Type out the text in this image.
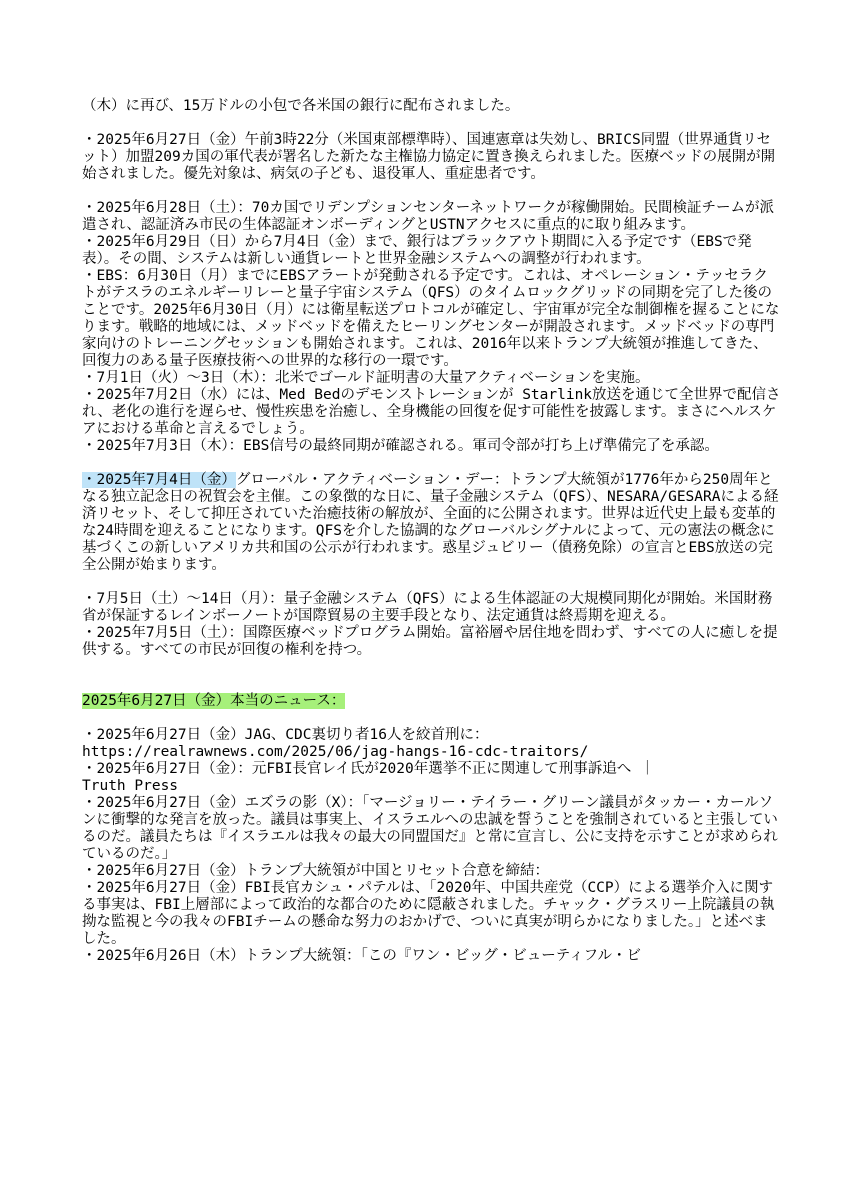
（木）に再び、15万ドルの小包で各米国の銀行に配布されました。

・2025年6月27日（金）午前3時22分（米国東部標準時）、国連憲章は失効し、BRICS同盟（世界通貨リセット）加盟209カ国の軍代表が署名した新たな主権協力協定に置き換えられました。医療ベッドの展開が開始されました。優先対象は、病気の子ども、退役軍人、重症患者です。

・2025年6月28日（土）：70カ国でリデンプションセンターネットワークが稼働開始。民間検証チームが派遣され、認証済み市民の生体認証オンボーディングとUSTNアクセスに重点的に取り組みます。

・2025年6月29日（日）から7月4日（金）まで、銀行はブラックアウト期間に入る予定です（EBSで発表）。その間、システムは新しい通貨レートと世界金融システムへの調整が行われます。

・EBS：6月30日（月）までにEBSアラートが発動される予定です。これは、オペレーション・テッセラクトがテスラのエネルギーリレーと量子宇宙システム（QFS）のタイムロックグリッドの同期を完了した後のことです。2025年6月30日（月）には衛星転送プロトコルが確定し、宇宙軍が完全な制御権を握ることになります。戦略的地域には、メッドベッドを備えたヒーリングセンターが開設されます。メッドベッドの専門家向けのトレーニングセッションも開始されます。これは、2016年以来トランプ大統領が推進してきた、回復力のある量子医療技術への世界的な移行の一環です。

・7月1日（火）～3日（木）：北米でゴールド証明書の大量アクティベーションを実施。

・2025年7月2日（水）には、Med Bedのデモンストレーションが Starlink放送を通じて全世界で配信され、老化の進行を遅らせ、慢性疾患を治癒し、全身機能の回復を促す可能性を披露します。まさにヘルスケアにおける革命と言えるでしょう。

・2025年7月3日（木）：EBS信号の最終同期が確認される。軍司令部が打ち上げ準備完了を承認。

・2025年7月4日（金）グローバル・アクティベーション・デー：トランプ大統領が1776年から250周年となる独立記念日の祝賀会を主催。この象徴的な日に、量子金融システム（QFS）、NESARA/GESARAによる経済リセット、そして抑圧されていた治癒技術の解放が、全面的に公開されます。世界は近代史上最も変革的な24時間を迎えることになります。QFSを介した協調的なグローバルシグナルによって、元の憲法の概念に基づくこの新しいアメリカ共和国の公示が行われます。惑星ジュビリー（債務免除）の宣言とEBS放送の完全公開が始まります。

・7月5日（土）～14日（月）：量子金融システム（QFS）による生体認証の大規模同期化が開始。米国財務省が保証するレインボーノートが国際貿易の主要手段となり、法定通貨は終焉期を迎える。

・2025年7月5日（土）：国際医療ベッドプログラム開始。富裕層や居住地を問わず、すべての人に癒しを提供する。すべての市民が回復の権利を持つ。

2025年6月27日（金）本当のニュース：

・2025年6月27日（金）JAG、CDC裏切り者16人を絞首刑に：

https://realrawnews.com/2025/06/jag-hangs-16-cdc-traitors/

・2025年6月27日（金）：元FBI長官レイ氏が2020年選挙不正に関連して刑事訴追へ ｜

Truth Press

・2025年6月27日（金）エズラの影（X）：「マージョリー・テイラー・グリーン議員がタッカー・カールソンに衝撃的な発言を放った。議員は事実上、イスラエルへの忠誠を誓うことを強制されていると主張しているのだ。議員たちは『イスラエルは我々の最大の同盟国だ』と常に宣言し、公に支持を示すことが求められているのだ。」

・2025年6月27日（金）トランプ大統領が中国とリセット合意を締結：

・2025年6月27日（金）FBI長官カシュ・パテルは、「2020年、中国共産党（CCP）による選挙介入に関する事実は、FBI上層部によって政治的な都合のために隠蔽されました。チャック・グラスリー上院議員の執拗な監視と今の我々のFBIチームの懸命な努力のおかげで、ついに真実が明らかになりました。」と述べました。

・2025年6月26日（木）トランプ大統領：「この『ワン・ビッグ・ビューティフル・ビ
